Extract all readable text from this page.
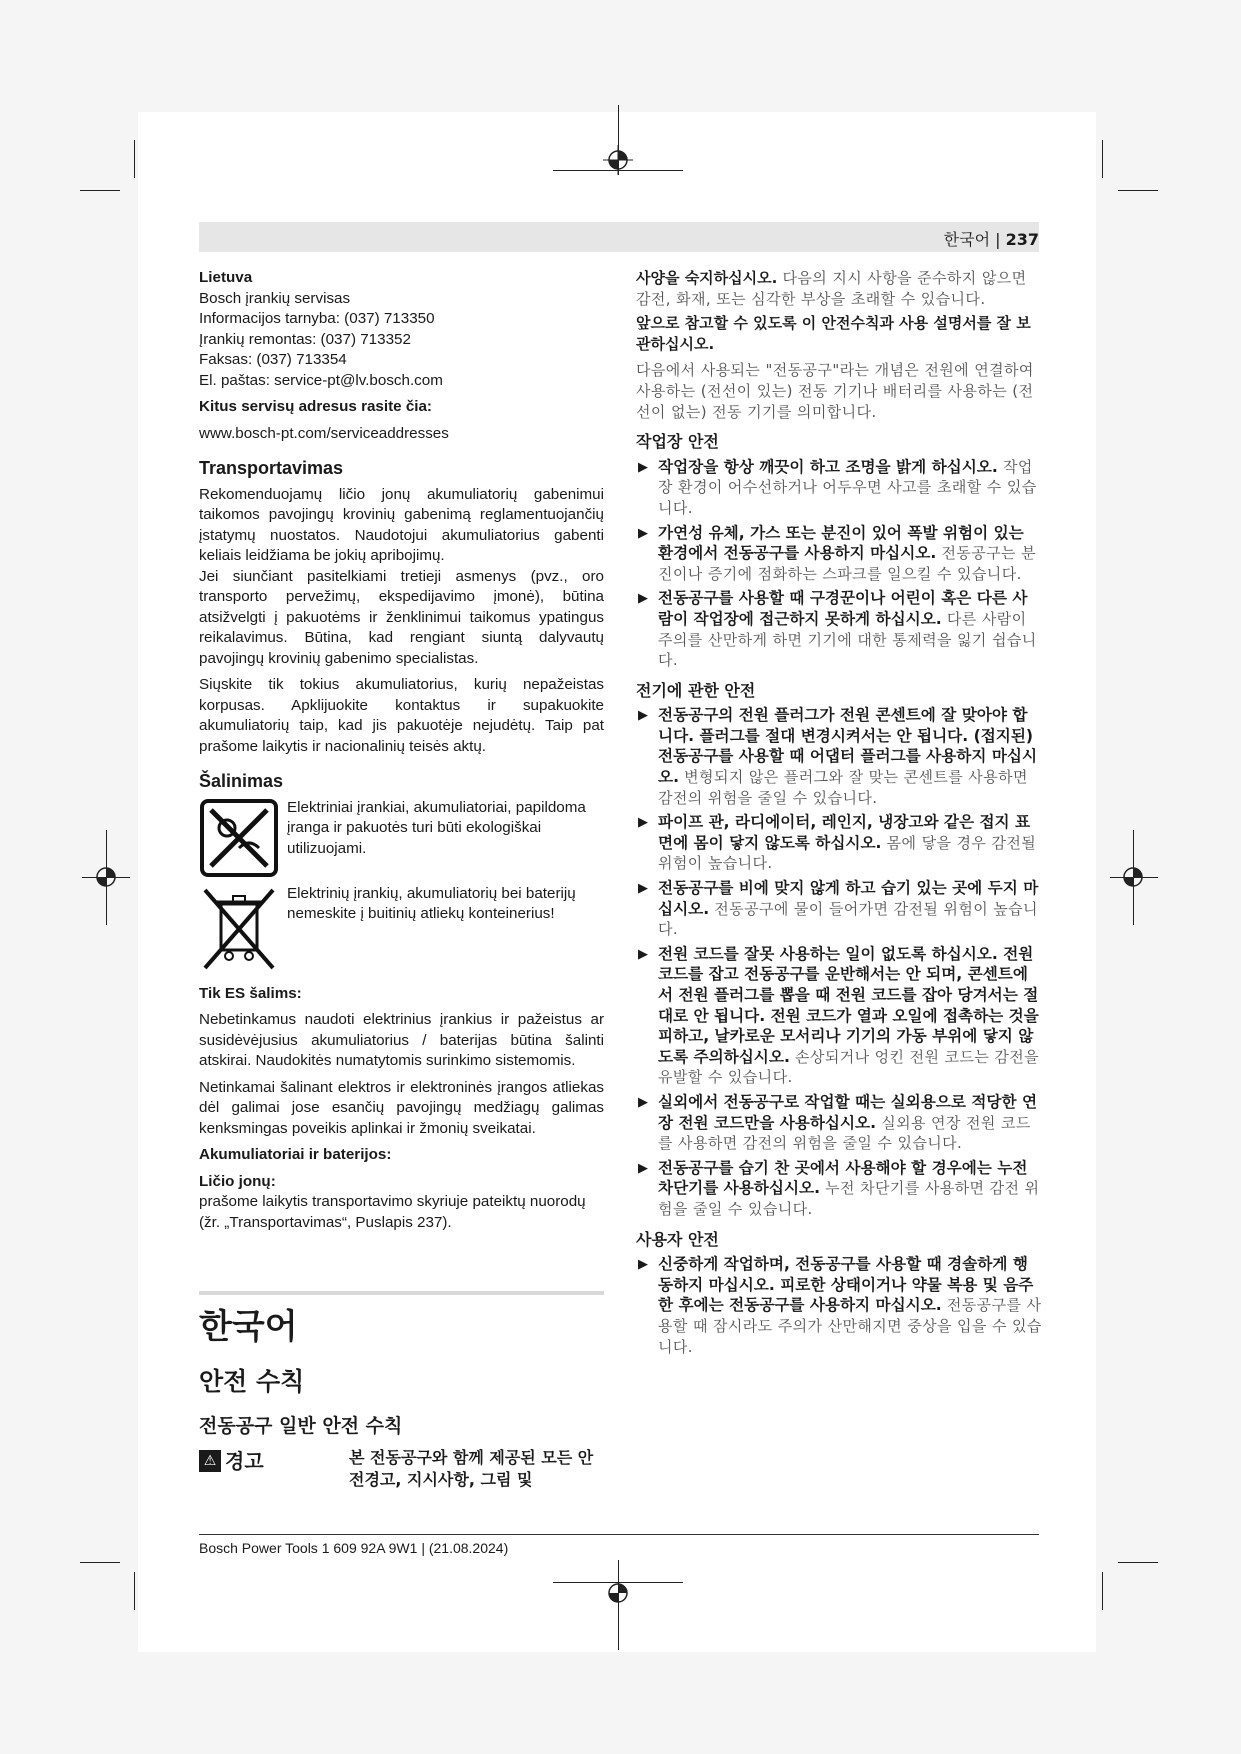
한국어 | 237

Lietuva

Bosch įrankių servisas

Informacijos tarnyba: (037) 713350

Įrankių remontas: (037) 713352

Faksas: (037) 713354

El. paštas: service-pt@lv.bosch.com

Kitus servisų adresus rasite čia:

www.bosch-pt.com/serviceaddresses

Transportavimas

Rekomenduojamų ličio jonų akumuliatorių gabenimui taikomos pavojingų krovinių gabenimą reglamentuojančių įstatymų nuostatos. Naudotojui akumuliatorius gabenti keliais leidžiama be jokių apribojimų.

Jei siunčiant pasitelkiami tretieji asmenys (pvz., oro transporto pervežimų, ekspedijavimo įmonė), būtina atsižvelgti į pakuotėms ir ženklinimui taikomus ypatingus reikalavimus. Būtina, kad rengiant siuntą dalyvautų pavojingų krovinių gabenimo specialistas.

Siųskite tik tokius akumuliatorius, kurių nepažeistas korpusas. Apklijuokite kontaktus ir supakuokite akumuliatorių taip, kad jis pakuotėje nejudėtų. Taip pat prašome laikytis ir nacionalinių teisės aktų.

Šalinimas

Elektriniai įrankiai, akumuliatoriai, papildoma įranga ir pakuotės turi būti ekologiškai utilizuojami.

Elektrinių įrankių, akumuliatorių bei baterijų nemeskite į buitinių atliekų konteinerius!

Tik ES šalims:

Nebetinkamus naudoti elektrinius įrankius ir pažeistus ar susidėvėjusius akumuliatorius / baterijas būtina šalinti atskirai. Naudokitės numatytomis surinkimo sistemomis.

Netinkamai šalinant elektros ir elektroninės įrangos atliekas dėl galimai jose esančių pavojingų medžiagų galimas kenksmingas poveikis aplinkai ir žmonių sveikatai.

Akumuliatoriai ir baterijos:

Ličio jonų:

prašome laikytis transportavimo skyriuje pateiktų nuorodų (žr. „Transportavimas“, Puslapis 237).

한국어

안전 수칙

전동공구 일반 안전 수칙

⚠ 경고	본 전동공구와 함께 제공된 모든 안전경고, 지시사항, 그림 및

사양을 숙지하십시오. 다음의 지시 사항을 준수하지 않으면 감전, 화재, 또는 심각한 부상을 초래할 수 있습니다.

앞으로 참고할 수 있도록 이 안전수칙과 사용 설명서를 잘 보관하십시오.

다음에서 사용되는 "전동공구"라는 개념은 전원에 연결하여 사용하는 (전선이 있는) 전동 기기나 배터리를 사용하는 (전선이 없는) 전동 기기를 의미합니다.

작업장 안전
▶ 작업장을 항상 깨끗이 하고 조명을 밝게 하십시오. 작업장 환경이 어수선하거나 어두우면 사고를 초래할 수 있습니다.
▶ 가연성 유체, 가스 또는 분진이 있어 폭발 위험이 있는 환경에서 전동공구를 사용하지 마십시오. 전동공구는 분진이나 증기에 점화하는 스파크를 일으킬 수 있습니다.
▶ 전동공구를 사용할 때 구경꾼이나 어린이 혹은 다른 사람이 작업장에 접근하지 못하게 하십시오. 다른 사람이 주의를 산만하게 하면 기기에 대한 통제력을 잃기 쉽습니다.
전기에 관한 안전
▶ 전동공구의 전원 플러그가 전원 콘센트에 잘 맞아야 합니다. 플러그를 절대 변경시켜서는 안 됩니다. (접지된) 전동공구를 사용할 때 어댑터 플러그를 사용하지 마십시오. 변형되지 않은 플러그와 잘 맞는 콘센트를 사용하면 감전의 위험을 줄일 수 있습니다.
▶ 파이프 관, 라디에이터, 레인지, 냉장고와 같은 접지 표면에 몸이 닿지 않도록 하십시오. 몸에 닿을 경우 감전될 위험이 높습니다.
▶ 전동공구를 비에 맞지 않게 하고 습기 있는 곳에 두지 마십시오. 전동공구에 물이 들어가면 감전될 위험이 높습니다.
▶ 전원 코드를 잘못 사용하는 일이 없도록 하십시오. 전원 코드를 잡고 전동공구를 운반해서는 안 되며, 콘센트에서 전원 플러그를 뽑을 때 전원 코드를 잡아 당겨서는 절대로 안 됩니다. 전원 코드가 열과 오일에 접촉하는 것을 피하고, 날카로운 모서리나 기기의 가동 부위에 닿지 않도록 주의하십시오. 손상되거나 엉킨 전원 코드는 감전을 유발할 수 있습니다.
▶ 실외에서 전동공구로 작업할 때는 실외용으로 적당한 연장 전원 코드만을 사용하십시오. 실외용 연장 전원 코드를 사용하면 감전의 위험을 줄일 수 있습니다.
▶ 전동공구를 습기 찬 곳에서 사용해야 할 경우에는 누전 차단기를 사용하십시오. 누전 차단기를 사용하면 감전 위험을 줄일 수 있습니다.
사용자 안전
▶ 신중하게 작업하며, 전동공구를 사용할 때 경솔하게 행동하지 마십시오. 피로한 상태이거나 약물 복용 및 음주한 후에는 전동공구를 사용하지 마십시오. 전동공구를 사용할 때 잠시라도 주의가 산만해지면 중상을 입을 수 있습니다.
Bosch Power Tools 1 609 92A 9W1 | (21.08.2024)
